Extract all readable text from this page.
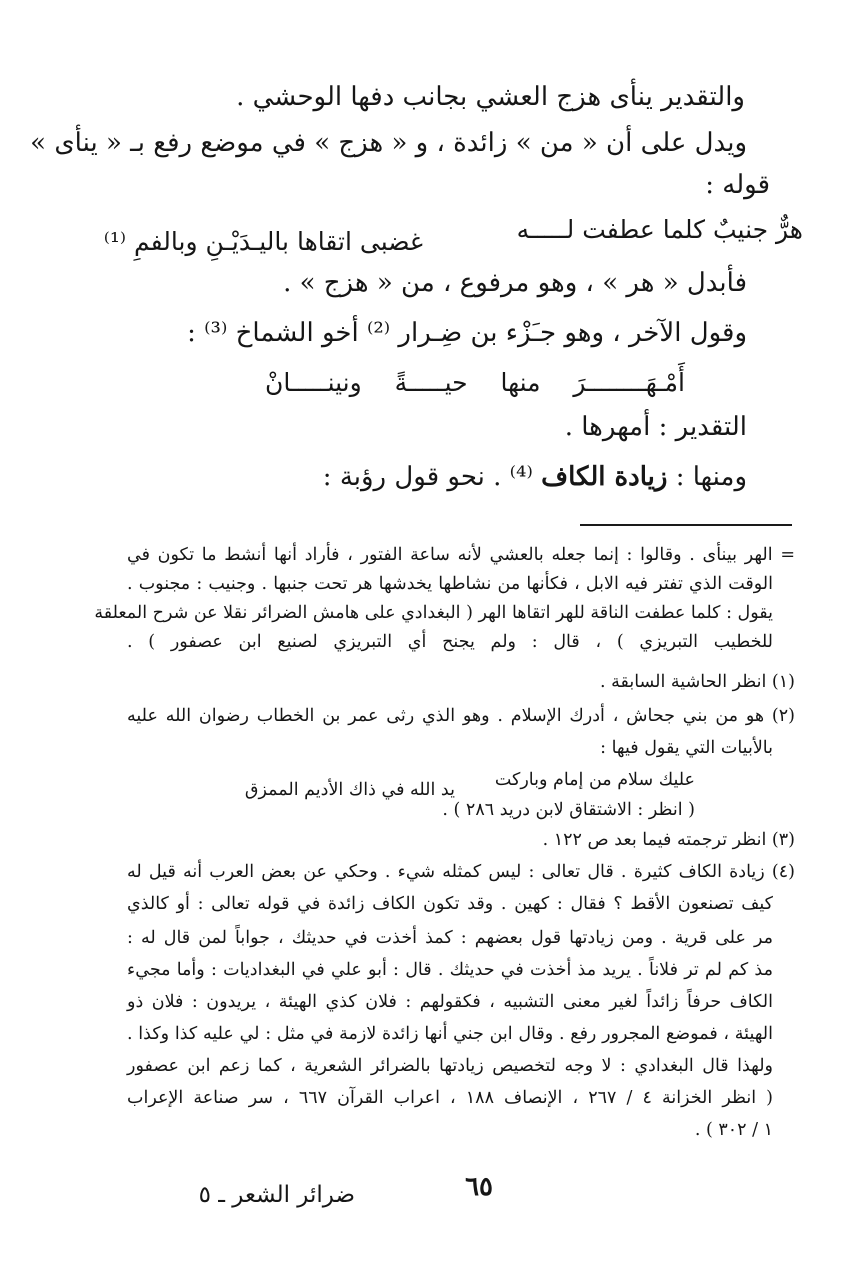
والتقدير ينأى هزج العشي بجانب دفها الوحشي .
ويدل على أن « من » زائدة ، و « هزج » في موضع رفع بـ « ينأى »
قوله :
هرٌّ جنيبٌ كلما عطفت لـــــه
غضبى اتقاها باليـدَيْـنِ وبالفمِ ⁽¹⁾
فأبدل « هر » ، وهو مرفوع ، من « هزج » .
وقول الآخر ، وهو جـَزْء بن ضِـرار ⁽²⁾ أخو الشماخ ⁽³⁾ :
أَمْـهَــــــــرَ منها حيـــــةً ونينـــــانْ
التقدير : أمهرها .
ومنها : زيادة الكاف ⁽⁴⁾ . نحو قول رؤبة :
= الهر بينأى . وقالوا : إنما جعله بالعشي لأنه ساعة الفتور ، فأراد أنها أنشط ما تكون في
الوقت الذي تفتر فيه الابل ، فكأنها من نشاطها يخدشها هر تحت جنبها . وجنيب : مجنوب .
يقول : كلما عطفت الناقة للهر اتقاها الهر ( البغدادي على هامش الضرائر نقلا عن شرح المعلقة
للخطيب التبريزي ) ، قال : ولم يجنح أي التبريزي لصنيع ابن عصفور ) .
(١) انظر الحاشية السابقة .
(٢) هو من بني جحاش ، أدرك الإسلام . وهو الذي رثى عمر بن الخطاب رضوان الله عليه
بالأبيات التي يقول فيها :
عليك سلام من إمام وباركت
يد الله في ذاك الأديم الممزق
( انظر : الاشتقاق لابن دريد ٢٨٦ ) .
(٣) انظر ترجمته فيما بعد ص ١٢٢ .
(٤) زيادة الكاف كثيرة . قال تعالى : ليس كمثله شيء . وحكي عن بعض العرب أنه قيل له
كيف تصنعون الأقط ؟ فقال : كهين . وقد تكون الكاف زائدة في قوله تعالى : أو كالذي
مر على قرية . ومن زيادتها قول بعضهم : كمذ أخذت في حديثك ، جواباً لمن قال له :
مذ كم لم تر فلاناً . يريد مذ أخذت في حديثك . قال : أبو علي في البغداديات : وأما مجيء
الكاف حرفاً زائداً لغير معنى التشبيه ، فكقولهم : فلان كذي الهيئة ، يريدون : فلان ذو
الهيئة ، فموضع المجرور رفع . وقال ابن جني أنها زائدة لازمة في مثل : لي عليه كذا وكذا .
ولهذا قال البغدادي : لا وجه لتخصيص زيادتها بالضرائر الشعرية ، كما زعم ابن عصفور
( انظر الخزانة ٤ / ٢٦٧ ، الإنصاف ١٨٨ ، اعراب القرآن ٦٦٧ ، سر صناعة الإعراب
١ / ٣٠٢ ) .
٦٥
ضرائر الشعر ـ ٥
